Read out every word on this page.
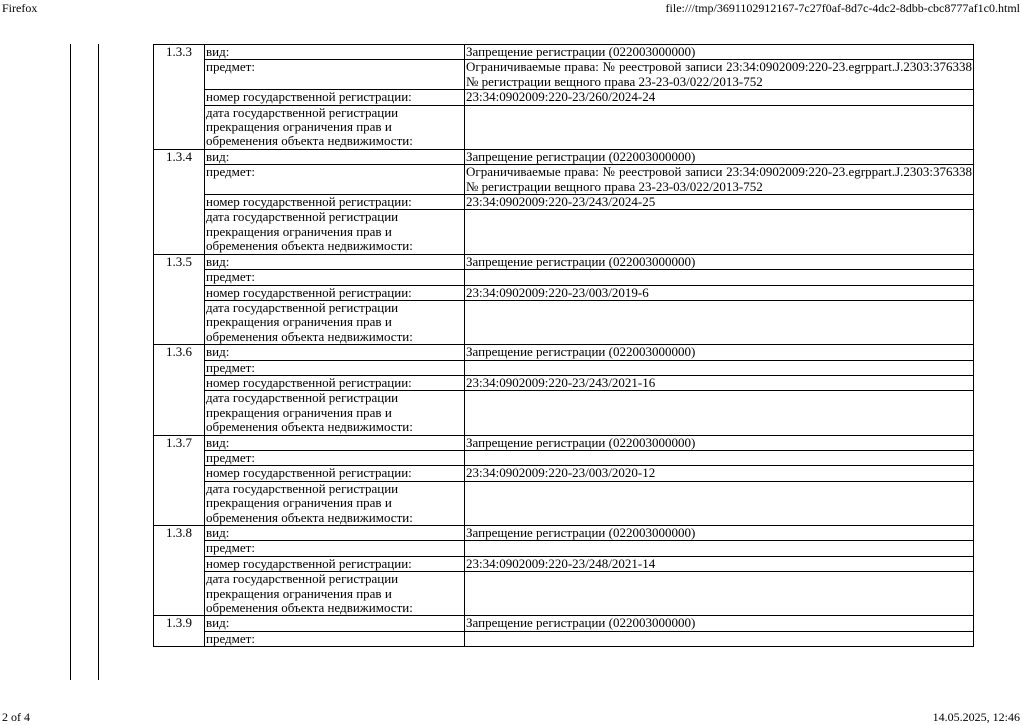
Firefox	file:///tmp/3691102912167-7c27f0af-8d7c-4dc2-8dbb-cbc8777af1c0.html
1.3.3	вид:	Запрещение регистрации (022003000000)
	предмет:	Ограничиваемые права: № реестровой записи 23:34:0902009:220-23.egrppart.J.2303:376338 № регистрации вещного права 23-23-03/022/2013-752
	номер государственной регистрации:	23:34:0902009:220-23/260/2024-24
	дата государственной регистрации прекращения ограничения прав и обременения объекта недвижимости:	
1.3.4	вид:	Запрещение регистрации (022003000000)
	предмет:	Ограничиваемые права: № реестровой записи 23:34:0902009:220-23.egrppart.J.2303:376338 № регистрации вещного права 23-23-03/022/2013-752
	номер государственной регистрации:	23:34:0902009:220-23/243/2024-25
	дата государственной регистрации прекращения ограничения прав и обременения объекта недвижимости:	
1.3.5	вид:	Запрещение регистрации (022003000000)
	предмет:	
	номер государственной регистрации:	23:34:0902009:220-23/003/2019-6
	дата государственной регистрации прекращения ограничения прав и обременения объекта недвижимости:	
1.3.6	вид:	Запрещение регистрации (022003000000)
	предмет:	
	номер государственной регистрации:	23:34:0902009:220-23/243/2021-16
	дата государственной регистрации прекращения ограничения прав и обременения объекта недвижимости:	
1.3.7	вид:	Запрещение регистрации (022003000000)
	предмет:	
	номер государственной регистрации:	23:34:0902009:220-23/003/2020-12
	дата государственной регистрации прекращения ограничения прав и обременения объекта недвижимости:	
1.3.8	вид:	Запрещение регистрации (022003000000)
	предмет:	
	номер государственной регистрации:	23:34:0902009:220-23/248/2021-14
	дата государственной регистрации прекращения ограничения прав и обременения объекта недвижимости:	
1.3.9	вид:	Запрещение регистрации (022003000000)
	предмет:	
2 of 4	14.05.2025, 12:46
